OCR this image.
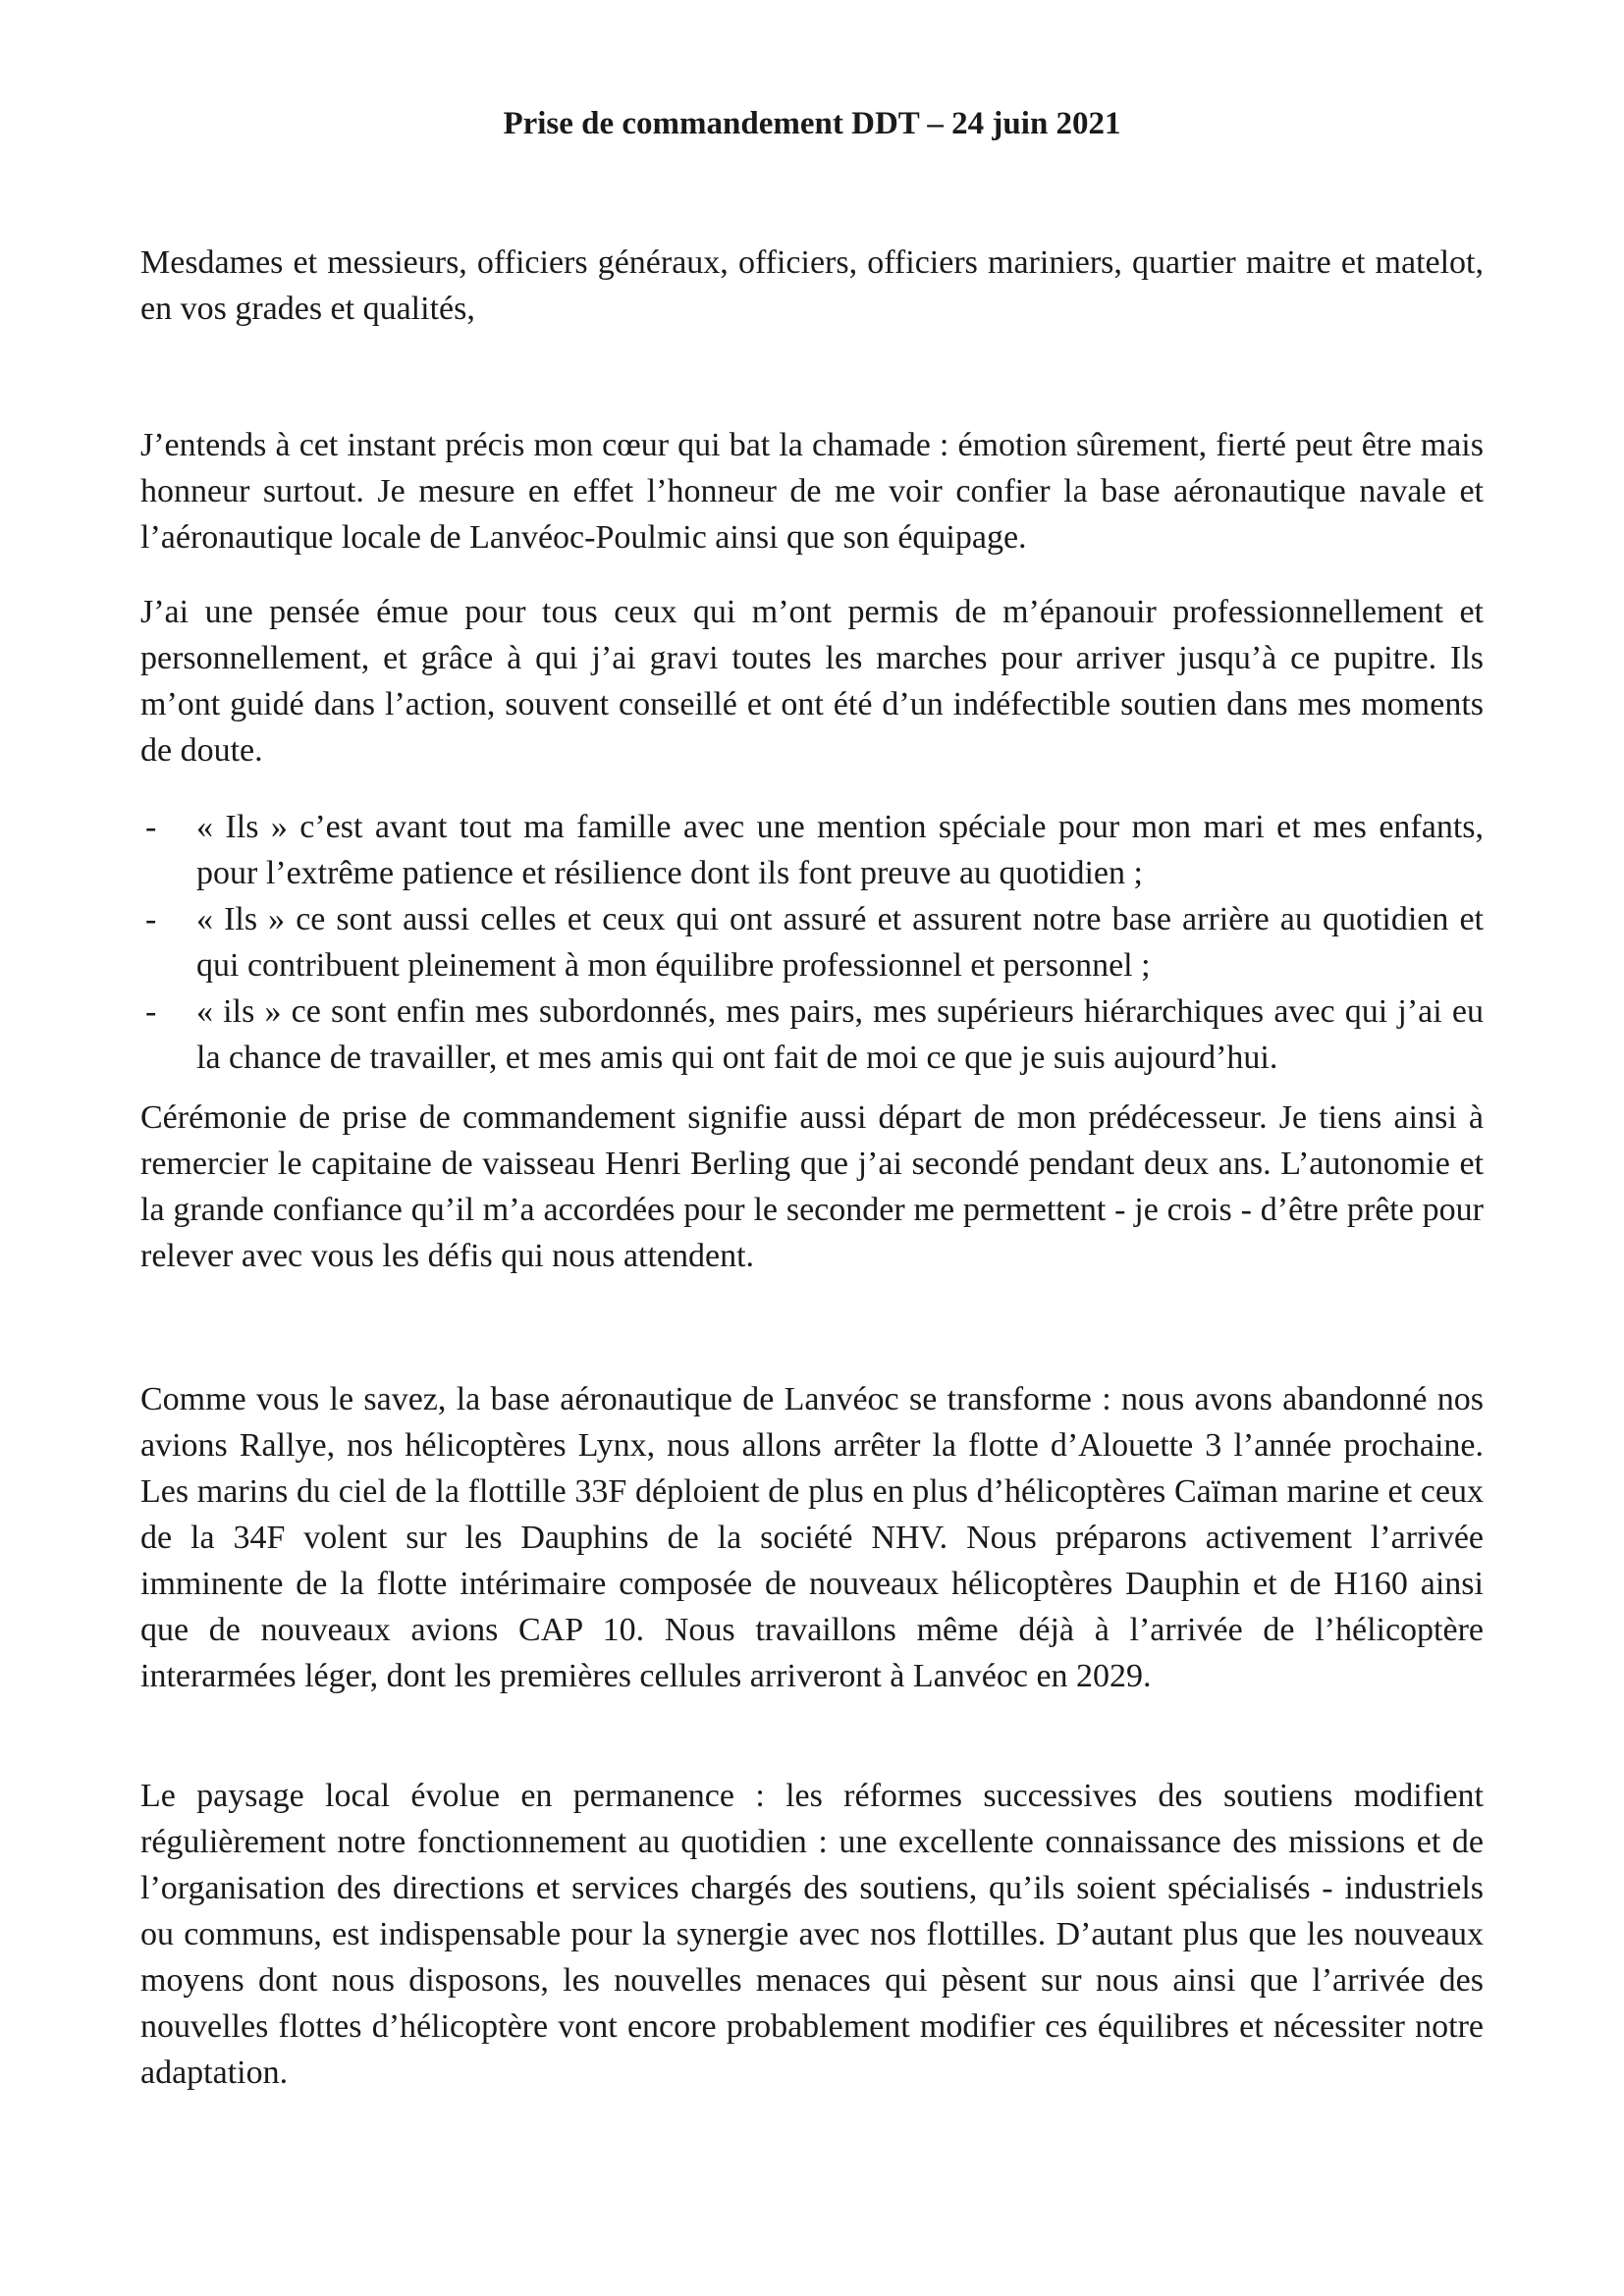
Prise de commandement DDT – 24 juin 2021

Mesdames et messieurs, officiers généraux, officiers, officiers mariniers, quartier maitre et matelot, en vos grades et qualités,

J’entends à cet instant précis mon cœur qui bat la chamade : émotion sûrement, fierté peut être mais honneur surtout. Je mesure en effet l’honneur de me voir confier la base aéronautique navale et l’aéronautique locale de Lanvéoc-Poulmic ainsi que son équipage.

J’ai une pensée émue pour tous ceux qui m’ont permis de m’épanouir professionnellement et personnellement, et grâce à qui j’ai gravi toutes les marches pour arriver jusqu’à ce pupitre. Ils m’ont guidé dans l’action, souvent conseillé et ont été d’un indéfectible soutien dans mes moments de doute.

- « Ils » c’est avant tout ma famille avec une mention spéciale pour mon mari et mes enfants, pour l’extrême patience et résilience dont ils font preuve au quotidien ;
- « Ils » ce sont aussi celles et ceux qui ont assuré et assurent notre base arrière au quotidien et qui contribuent pleinement à mon équilibre professionnel et personnel ;
- « ils » ce sont enfin mes subordonnés, mes pairs, mes supérieurs hiérarchiques avec qui j’ai eu la chance de travailler, et mes amis qui ont fait de moi ce que je suis aujourd’hui.

Cérémonie de prise de commandement signifie aussi départ de mon prédécesseur. Je tiens ainsi à remercier le capitaine de vaisseau Henri Berling que j’ai secondé pendant deux ans. L’autonomie et la grande confiance qu’il m’a accordées pour le seconder me permettent - je crois - d’être prête pour relever avec vous les défis qui nous attendent.

Comme vous le savez, la base aéronautique de Lanvéoc se transforme : nous avons abandonné nos avions Rallye, nos hélicoptères Lynx, nous allons arrêter la flotte d’Alouette 3 l’année prochaine. Les marins du ciel de la flottille 33F déploient de plus en plus d’hélicoptères Caïman marine et ceux de la 34F volent sur les Dauphins de la société NHV. Nous préparons activement l’arrivée imminente de la flotte intérimaire composée de nouveaux hélicoptères Dauphin et de H160 ainsi que de nouveaux avions CAP 10. Nous travaillons même déjà à l’arrivée de l’hélicoptère interarmées léger, dont les premières cellules arriveront à Lanvéoc en 2029.

Le paysage local évolue en permanence : les réformes successives des soutiens modifient régulièrement notre fonctionnement au quotidien : une excellente connaissance des missions et de l’organisation des directions et services chargés des soutiens, qu’ils soient spécialisés - industriels ou communs, est indispensable pour la synergie avec nos flottilles. D’autant plus que les nouveaux moyens dont nous disposons, les nouvelles menaces qui pèsent sur nous ainsi que l’arrivée des nouvelles flottes d’hélicoptère vont encore probablement modifier ces équilibres et nécessiter notre adaptation.
